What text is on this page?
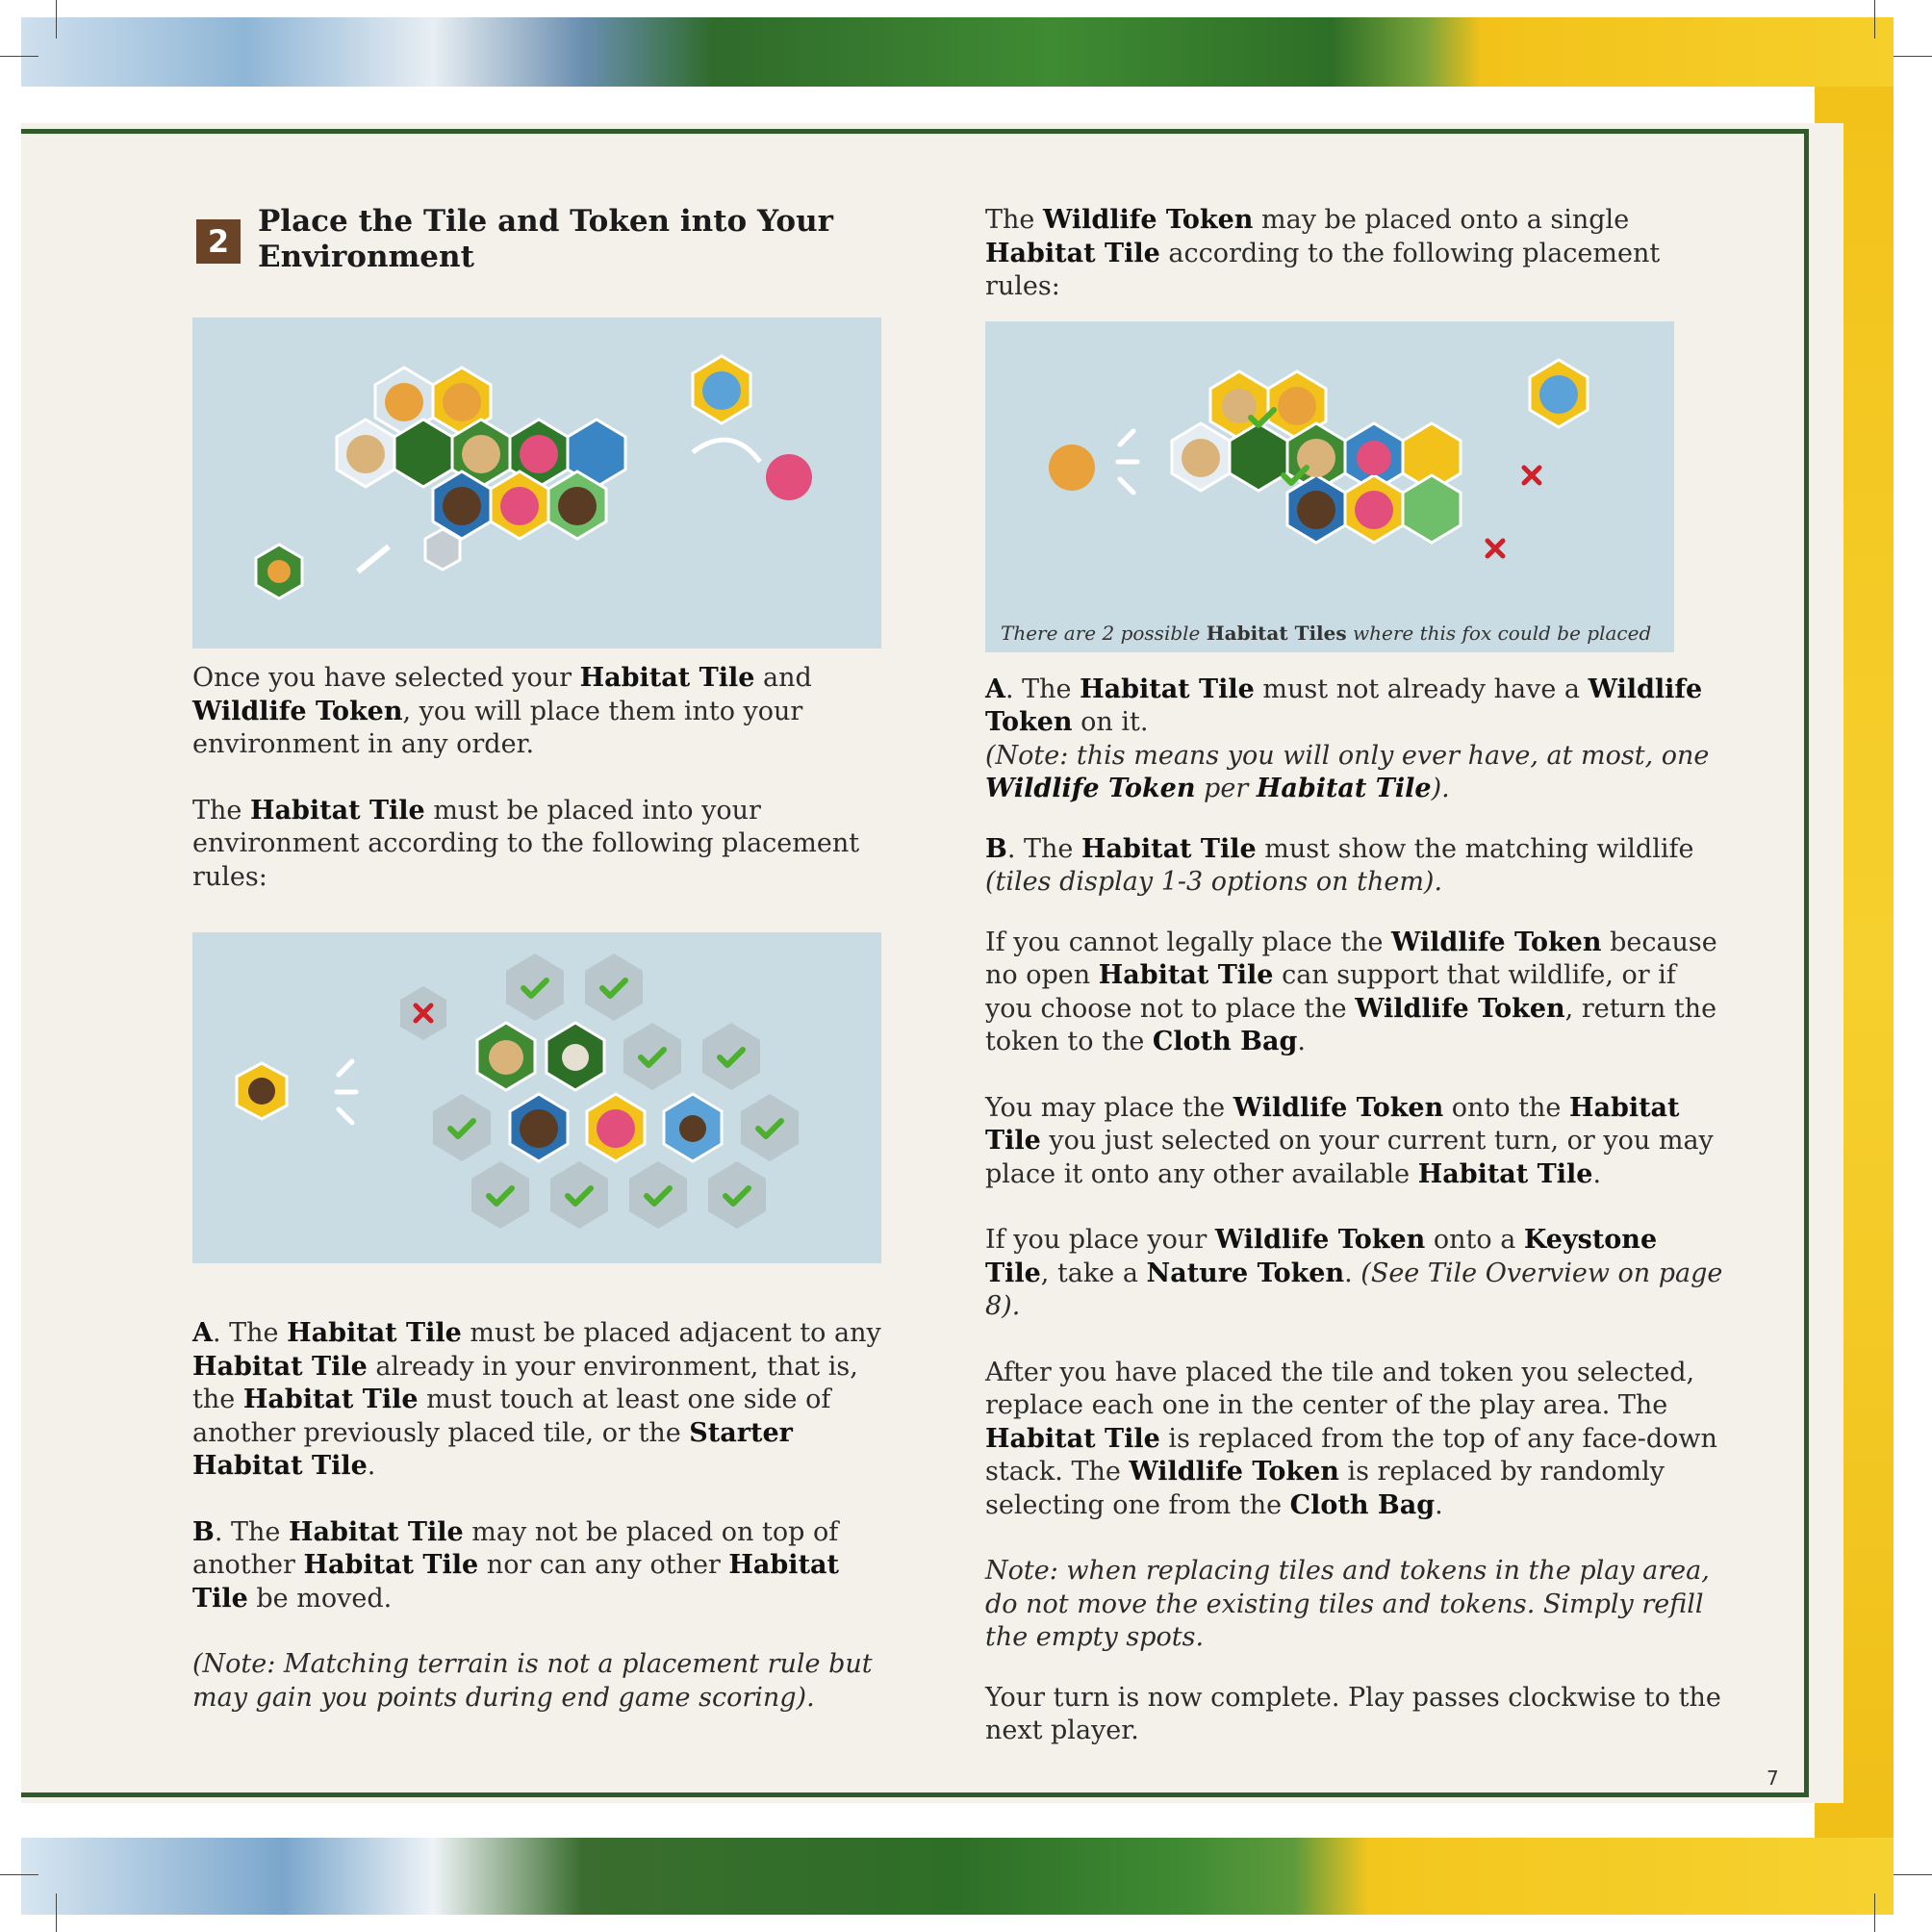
2
Place the Tile and Token into Your Environment

Once you have selected your Habitat Tile and Wildlife Token, you will place them into your environment in any order.

The Habitat Tile must be placed into your environment according to the following placement rules:

A. The Habitat Tile must be placed adjacent to any Habitat Tile already in your environment, that is, the Habitat Tile must touch at least one side of another previously placed tile, or the Starter Habitat Tile.

B. The Habitat Tile may not be placed on top of another Habitat Tile nor can any other Habitat Tile be moved.

(Note: Matching terrain is not a placement rule but may gain you points during end game scoring).

The Wildlife Token may be placed onto a single Habitat Tile according to the following placement rules:

There are 2 possible Habitat Tiles where this fox could be placed

A. The Habitat Tile must not already have a Wildlife Token on it.
(Note: this means you will only ever have, at most, one Wildlife Token per Habitat Tile).

B. The Habitat Tile must show the matching wildlife (tiles display 1-3 options on them).

If you cannot legally place the Wildlife Token because no open Habitat Tile can support that wildlife, or if you choose not to place the Wildlife Token, return the token to the Cloth Bag.

You may place the Wildlife Token onto the Habitat Tile you just selected on your current turn, or you may place it onto any other available Habitat Tile.

If you place your Wildlife Token onto a Keystone Tile, take a Nature Token. (See Tile Overview on page 8).

After you have placed the tile and token you selected, replace each one in the center of the play area. The Habitat Tile is replaced from the top of any face-down stack. The Wildlife Token is replaced by randomly selecting one from the Cloth Bag.

Note: when replacing tiles and tokens in the play area, do not move the existing tiles and tokens. Simply refill the empty spots.

Your turn is now complete. Play passes clockwise to the next player.

7
